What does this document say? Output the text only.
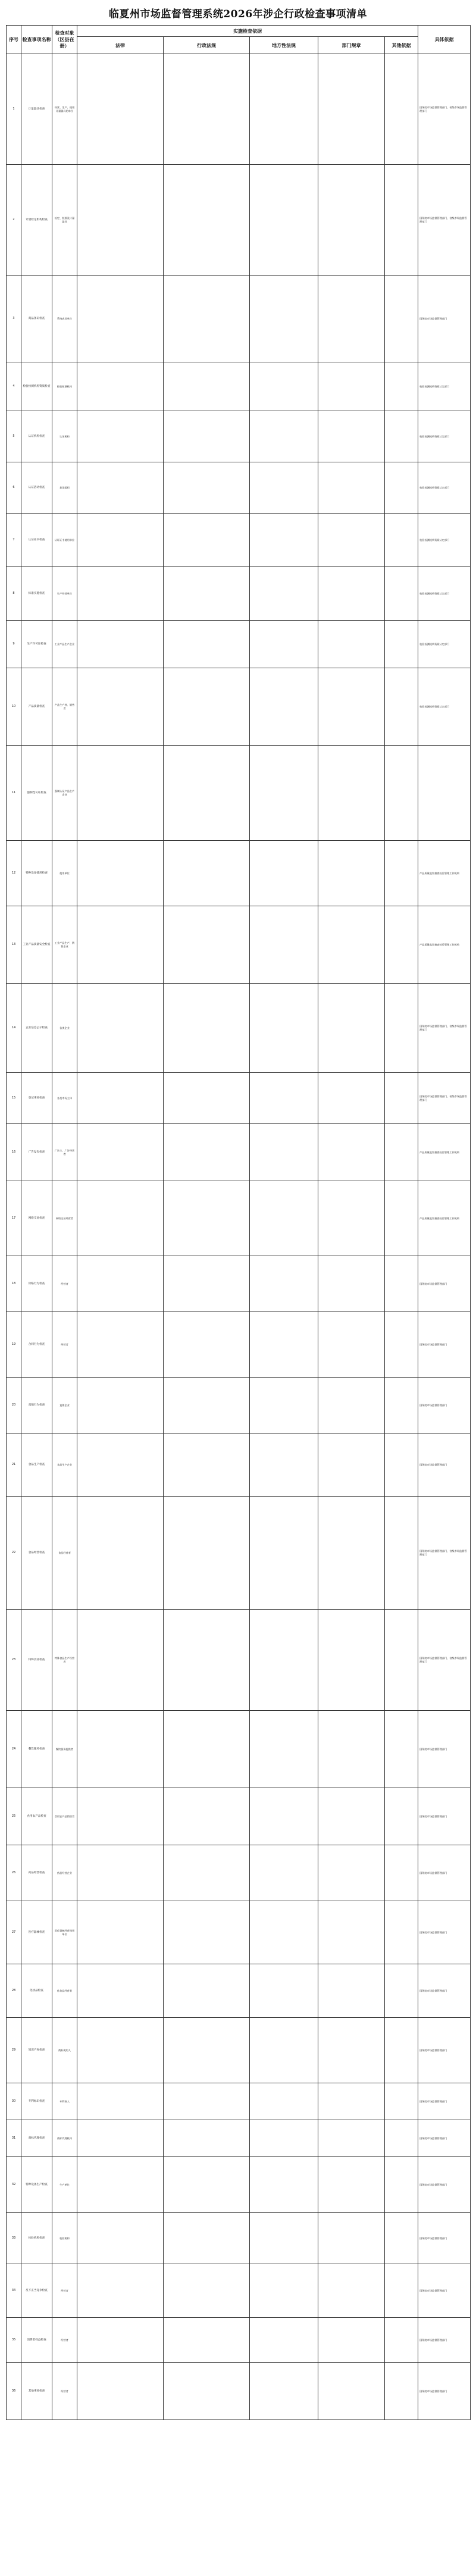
临夏州市场监督管理系统2026年涉企行政检查事项清单
序号	检查事项名称	检查对象（区县在册）	实施检查依据					具体依据
			法律	行政法规	地方性法规	部门规章	其他依据	
1	计量器具检查	经营、生产、使用计量器具的单位						国务院市场监督管理部门、省级市场监督管理部门
2	计量检定机构检查	检定、校准及计量器具						国务院市场监督管理部门、省级市场监督管理部门
3	商品条码检查	系统成员单位						国务院市场监督管理部门
4	检验检测机构资质检查	检验检测机构						检验检测机构资质认定部门
5	认证机构检查	认证机构						检验检测机构资质认定部门
6	认证活动检查	获证组织						检验检测机构资质认定部门
7	认证证书检查	认证证书使用单位						检验检测机构资质认定部门
8	标准实施检查	生产经营单位						检验检测机构资质认定部门
9	生产许可证检查	工业产品生产企业						检验检测机构资质认定部门
10	产品质量检查	产品生产者、销售者						检验检测机构资质认定部门
11	强制性认证检查	强制认证产品生产企业						
12	特种设备使用检查	使用单位						产品质量监督抽查检验管理工作机构
13	工业产品质量安全检查	工业产品生产、销售企业						产品质量监督抽查检验管理工作机构
14	企业信息公示检查	各类企业						国务院市场监督管理部门、省级市场监督管理部门
15	登记事项检查	各类市场主体						国务院市场监督管理部门、省级市场监督管理部门
16	广告发布检查	广告主、广告经营者						产品质量监督抽查检验管理工作机构
17	网络交易检查	网络交易经营者						产品质量监督抽查检验管理工作机构
18	价格行为检查	经营者						国务院市场监督管理部门
19	合同行为检查	经营者						国务院市场监督管理部门
20	直销行为检查	直销企业						国务院市场监督管理部门
21	食品生产检查	食品生产企业						国务院市场监督管理部门
22	食品经营检查	食品经营者						国务院市场监督管理部门、省级市场监督管理部门
23	特殊食品检查	特殊食品生产经营者						国务院市场监督管理部门、省级市场监督管理部门
24	餐饮服务检查	餐饮服务提供者						国务院市场监督管理部门
25	食用农产品检查	食用农产品销售者						国务院市场监督管理部门
26	药品经营检查	药品经营企业						国务院市场监督管理部门
27	医疗器械检查	医疗器械经营使用单位						国务院市场监督管理部门
28	化妆品检查	化妆品经营者						国务院市场监督管理部门
29	知识产权检查	商标使用人						国务院市场监督管理部门
30	专利标识检查	专利权人						国务院市场监督管理部门
31	商标代理检查	商标代理机构						国务院市场监督管理部门
32	特种设备生产检查	生产单位						国务院市场监督管理部门
33	检验机构检查	检验机构						国务院市场监督管理部门
34	反不正当竞争检查	经营者						国务院市场监督管理部门
35	消费者权益检查	经营者						国务院市场监督管理部门
36	其他事项检查	经营者						国务院市场监督管理部门
